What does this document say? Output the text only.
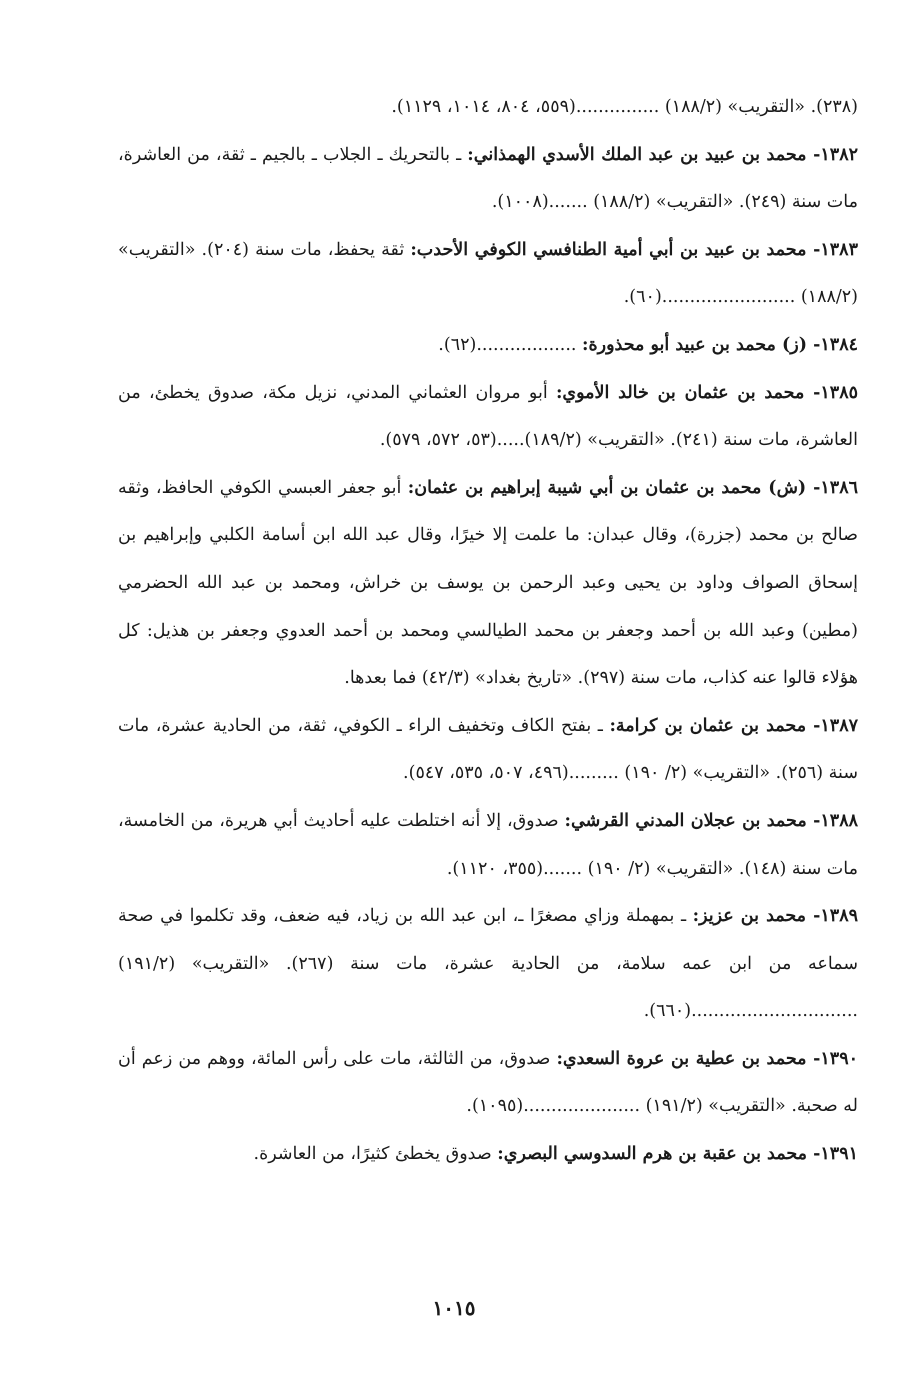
(٢٣٨). «التقريب» (١٨٨/٢) ...............(٥٥٩، ٨٠٤، ١٠١٤، ١١٢٩).
١٣٨٢- محمد بن عبيد بن عبد الملك الأسدي الهمذاني: ـ بالتحريك ـ الجلاب ـ بالجيم ـ ثقة، من العاشرة، مات سنة (٢٤٩). «التقريب» (١٨٨/٢) .......(١٠٠٨).
١٣٨٣- محمد بن عبيد بن أبي أمية الطنافسي الكوفي الأحدب: ثقة يحفظ، مات سنة (٢٠٤). «التقريب» (١٨٨/٢) ........................(٦٠).
١٣٨٤- (ز) محمد بن عبيد أبو محذورة: ..................(٦٢).
١٣٨٥- محمد بن عثمان بن خالد الأموي: أبو مروان العثماني المدني، نزيل مكة، صدوق يخطئ، من العاشرة، مات سنة (٢٤١). «التقريب» (١٨٩/٢).....(٥٣، ٥٧٢، ٥٧٩).
١٣٨٦- (ش) محمد بن عثمان بن أبي شيبة إبراهيم بن عثمان: أبو جعفر العبسي الكوفي الحافظ، وثقه صالح بن محمد (جزرة)، وقال عبدان: ما علمت إلا خيرًا، وقال عبد الله ابن أسامة الكلبي وإبراهيم بن إسحاق الصواف وداود بن يحيى وعبد الرحمن بن يوسف بن خراش، ومحمد بن عبد الله الحضرمي (مطين) وعبد الله بن أحمد وجعفر بن محمد الطيالسي ومحمد بن أحمد العدوي وجعفر بن هذيل: كل هؤلاء قالوا عنه كذاب، مات سنة (٢٩٧). «تاريخ بغداد» (٤٢/٣) فما بعدها.
١٣٨٧- محمد بن عثمان بن كرامة: ـ بفتح الكاف وتخفيف الراء ـ الكوفي، ثقة، من الحادية عشرة، مات سنة (٢٥٦). «التقريب» (٢/ ١٩٠) .........(٤٩٦، ٥٠٧، ٥٣٥، ٥٤٧).
١٣٨٨- محمد بن عجلان المدني القرشي: صدوق، إلا أنه اختلطت عليه أحاديث أبي هريرة، من الخامسة، مات سنة (١٤٨). «التقريب» (٢/ ١٩٠) .......(٣٥٥، ١١٢٠).
١٣٨٩- محمد بن عزيز: ـ بمهملة وزاي مصغرًا ـ، ابن عبد الله بن زياد، فيه ضعف، وقد تكلموا في صحة سماعه من ابن عمه سلامة، من الحادية عشرة، مات سنة (٢٦٧). «التقريب» (١٩١/٢) ..............................(٦٦٠).
١٣٩٠- محمد بن عطية بن عروة السعدي: صدوق، من الثالثة، مات على رأس المائة، ووهم من زعم أن له صحبة. «التقريب» (١٩١/٢) .....................(١٠٩٥).
١٣٩١- محمد بن عقبة بن هرم السدوسي البصري: صدوق يخطئ كثيرًا، من العاشرة.
١٠١٥
